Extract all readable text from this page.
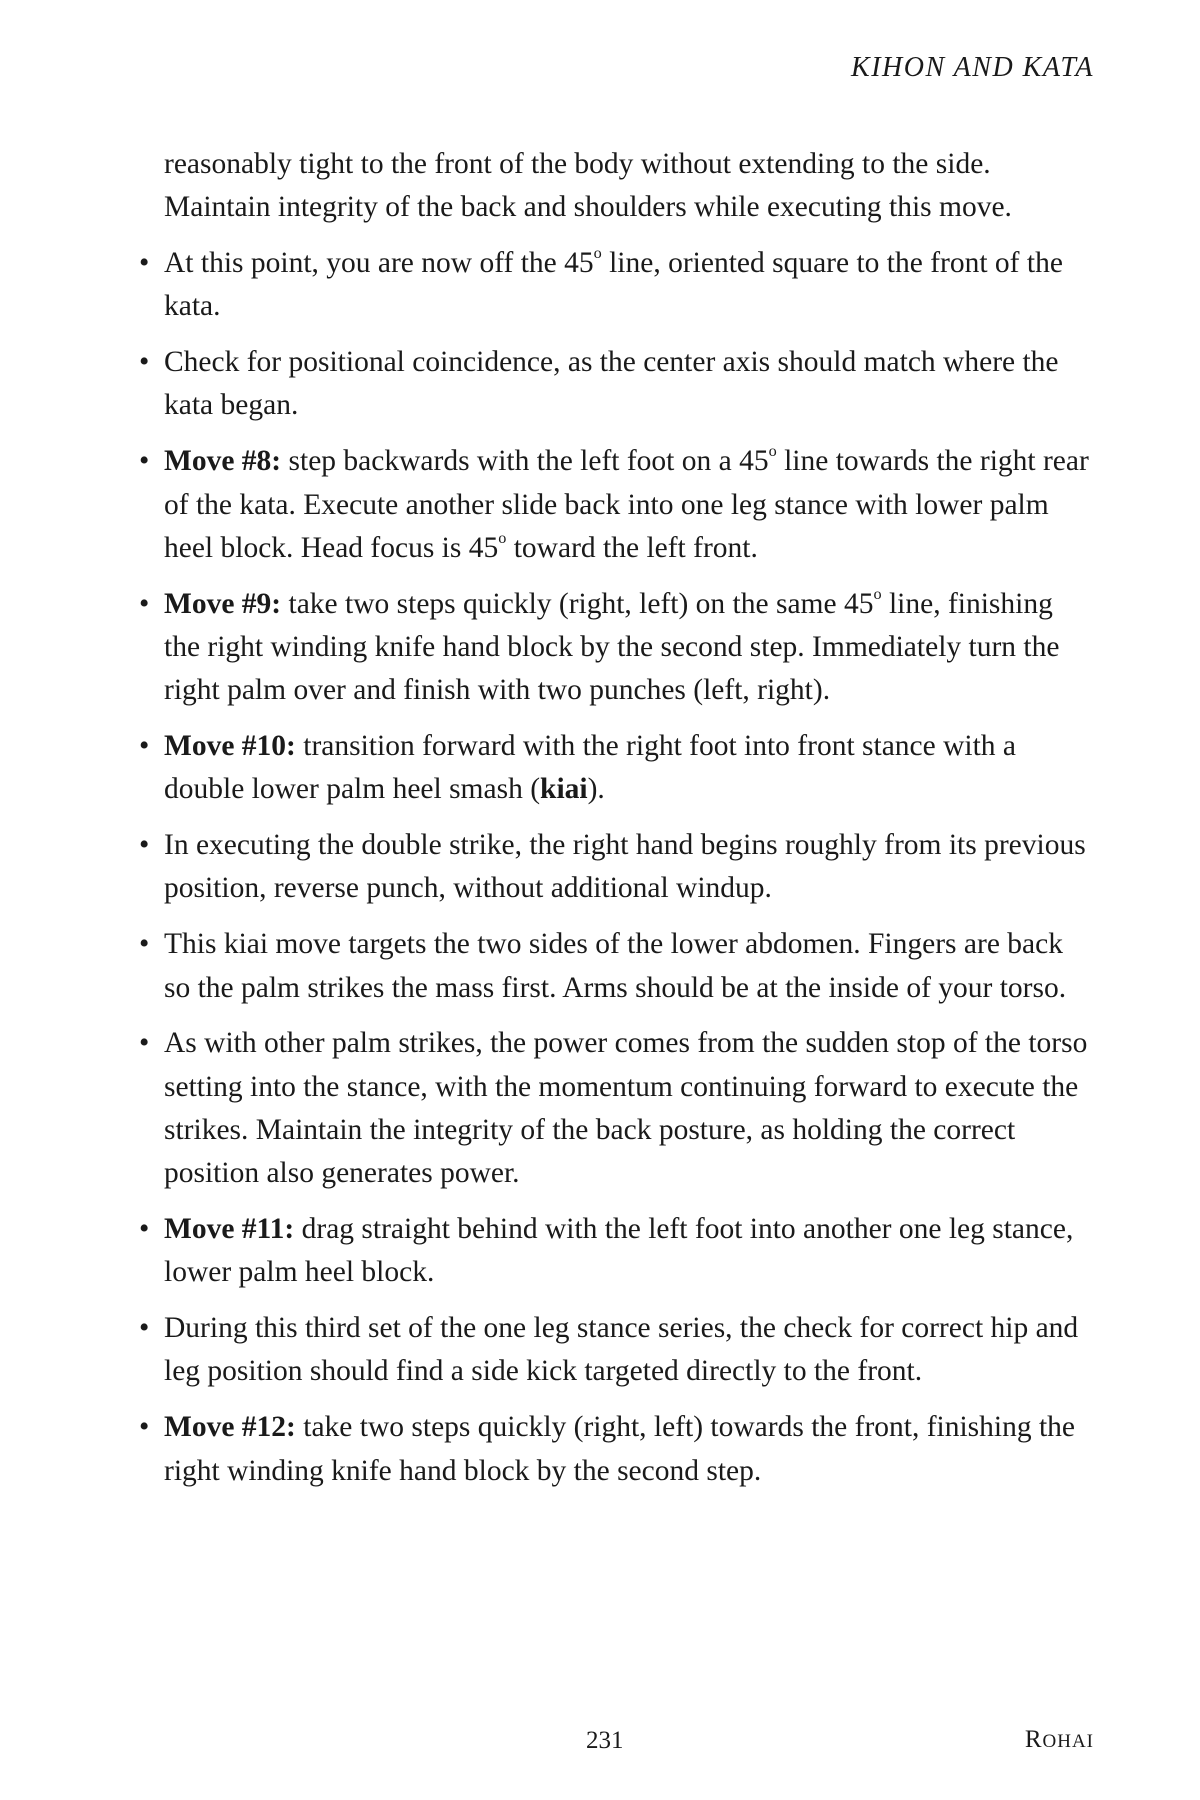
KIHON AND KATA

reasonably tight to the front of the body without extending to the side. Maintain integrity of the back and shoulders while executing this move.

• At this point, you are now off the 45$^o$ line, oriented square to the front of the kata.
• Check for positional coincidence, as the center axis should match where the kata began.
• Move #8: step backwards with the left foot on a 45$^o$ line towards the right rear of the kata. Execute another slide back into one leg stance with lower palm heel block. Head focus is 45$^o$ toward the left front.
• Move #9: take two steps quickly (right, left) on the same 45$^o$ line, finishing the right winding knife hand block by the second step. Immediately turn the right palm over and finish with two punches (left, right).
• Move #10: transition forward with the right foot into front stance with a double lower palm heel smash (kiai).
• In executing the double strike, the right hand begins roughly from its previous position, reverse punch, without additional windup.
• This kiai move targets the two sides of the lower abdomen. Fingers are back so the palm strikes the mass first. Arms should be at the inside of your torso.
• As with other palm strikes, the power comes from the sudden stop of the torso setting into the stance, with the momentum continuing forward to execute the strikes. Maintain the integrity of the back posture, as holding the correct position also generates power.
• Move #11: drag straight behind with the left foot into another one leg stance, lower palm heel block.
• During this third set of the one leg stance series, the check for correct hip and leg position should find a side kick targeted directly to the front.
• Move #12: take two steps quickly (right, left) towards the front, finishing the right winding knife hand block by the second step.
231	ROHAI
